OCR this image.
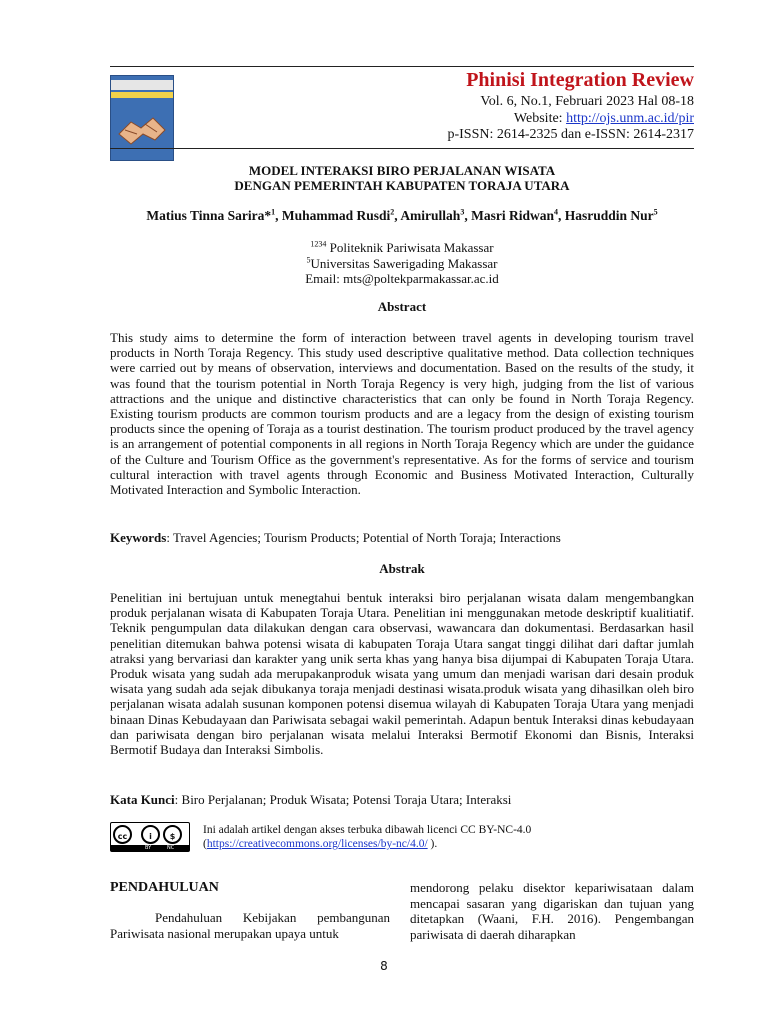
Phinisi Integration Review
Vol. 6, No.1, Februari 2023 Hal 08-18
Website: http://ojs.unm.ac.id/pir
p-ISSN: 2614-2325 dan e-ISSN: 2614-2317
MODEL INTERAKSI BIRO PERJALANAN WISATA
DENGAN PEMERINTAH KABUPATEN TORAJA UTARA
Matius Tinna Sarira*$^1$, Muhammad Rusdi$^2$, Amirullah$^3$, Masri Ridwan$^4$, Hasruddin Nur$^5$
$^{1234}$ Politeknik Pariwisata Makassar
$^5$Universitas Sawerigading Makassar
Email: mts@poltekparmakassar.ac.id
Abstract
This study aims to determine the form of interaction between travel agents in developing tourism travel products in North Toraja Regency. This study used descriptive qualitative method. Data collection techniques were carried out by means of observation, interviews and documentation. Based on the results of the study, it was found that the tourism potential in North Toraja Regency is very high, judging from the list of various attractions and the unique and distinctive characteristics that can only be found in North Toraja Regency. Existing tourism products are common tourism products and are a legacy from the design of existing tourism products since the opening of Toraja as a tourist destination. The tourism product produced by the travel agency is an arrangement of potential components in all regions in North Toraja Regency which are under the guidance of the Culture and Tourism Office as the government's representative. As for the forms of service and tourism cultural interaction with travel agents through Economic and Business Motivated Interaction, Culturally Motivated Interaction and Symbolic Interaction.
Keywords: Travel Agencies; Tourism Products; Potential of North Toraja; Interactions
Abstrak
Penelitian ini bertujuan untuk menegtahui bentuk interaksi biro perjalanan wisata dalam mengembangkan produk perjalanan wisata di Kabupaten Toraja Utara. Penelitian ini menggunakan metode deskriptif kualitiatif. Teknik pengumpulan data dilakukan dengan cara observasi, wawancara dan dokumentasi. Berdasarkan hasil penelitian ditemukan bahwa potensi wisata di kabupaten Toraja Utara sangat tinggi dilihat dari daftar jumlah atraksi yang bervariasi dan karakter yang unik serta khas yang hanya bisa dijumpai di Kabupaten Toraja Utara. Produk wisata yang sudah ada merupakanproduk wisata yang umum dan menjadi warisan dari desain produk wisata yang sudah ada sejak dibukanya toraja menjadi destinasi wisata.produk wisata yang dihasilkan oleh biro perjalanan wisata adalah susunan komponen potensi disemua wilayah di Kabupaten Toraja Utara yang menjadi binaan Dinas Kebudayaan dan Pariwisata sebagai wakil pemerintah. Adapun bentuk Interaksi dinas kebudayaan dan pariwisata dengan biro perjalanan wisata melalui Interaksi Bermotif Ekonomi dan Bisnis, Interaksi Bermotif Budaya dan Interaksi Simbolis.
Kata Kunci: Biro Perjalanan; Produk Wisata; Potensi Toraja Utara; Interaksi
cc	i	$
BY	NC
Ini adalah artikel dengan akses terbuka dibawah licenci CC BY-NC-4.0
(https://creativecommons.org/licenses/by-nc/4.0/ ).
PENDAHULUAN
Pendahuluan Kebijakan pembangunan Pariwisata nasional merupakan upaya untuk
mendorong pelaku disektor kepariwisataan dalam mencapai sasaran yang digariskan dan tujuan yang ditetapkan (Waani, F.H. 2016). Pengembangan pariwisata di daerah diharapkan
8
